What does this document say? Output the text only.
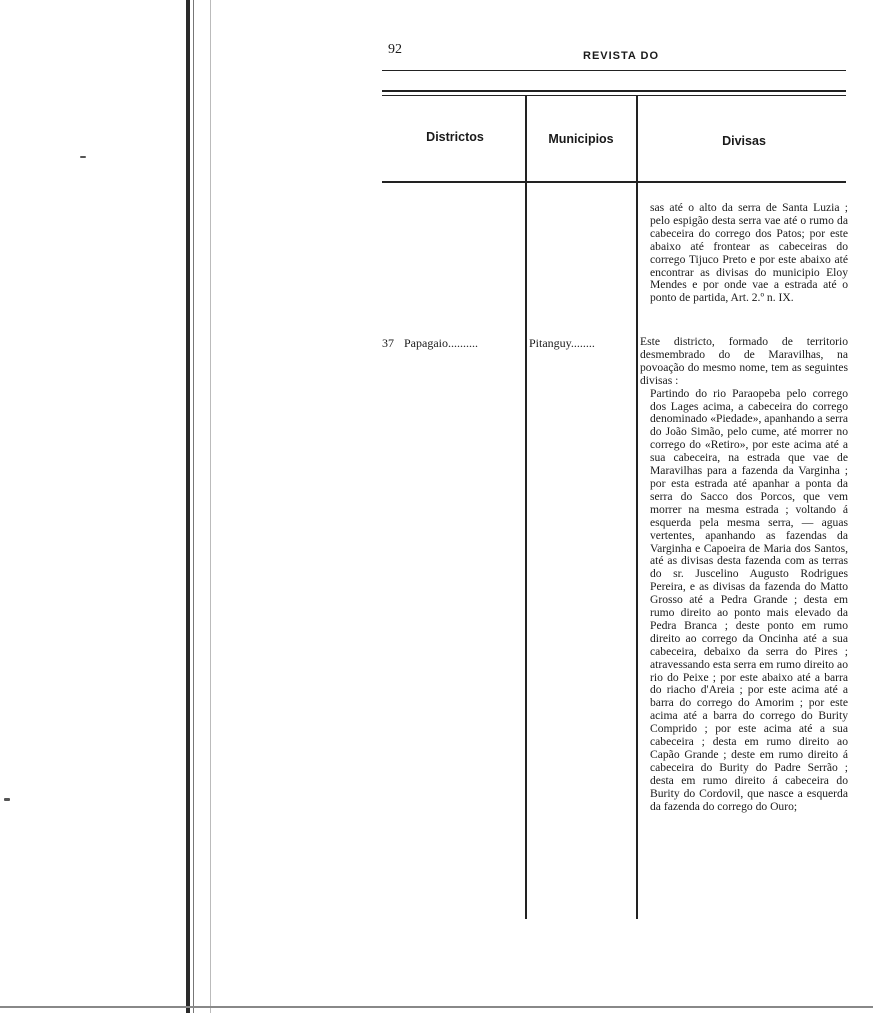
92	REVISTA DO
Districtos	Municipios	Divisas

sas até o alto da serra de Santa Luzia ; pelo espigão desta serra vae até o rumo da cabeceira do corrego dos Patos; por este abaixo até frontear as cabeceiras do corrego Tijuco Preto e por este abaixo até encontrar as divisas do municipio Eloy Mendes e por onde vae a estrada até o ponto de partida, Art. 2.º n. IX.

37 Papagaio..........	Pitanguy........	Este districto, formado de territorio desmembrado do de Maravilhas, na povoação do mesmo nome, tem as seguintes divisas :

Partindo do rio Paraopeba pelo corrego dos Lages acima, a cabeceira do corrego denominado «Piedade», apanhando a serra do João Simão, pelo cume, até morrer no corrego do «Retiro», por este acima até a sua cabeceira, na estrada que vae de Maravilhas para a fazenda da Varginha ; por esta estrada até apanhar a ponta da serra do Sacco dos Porcos, que vem morrer na mesma estrada ; voltando á esquerda pela mesma serra, — aguas vertentes, apanhando as fazendas da Varginha e Capoeira de Maria dos Santos, até as divisas desta fazenda com as terras do sr. Juscelino Augusto Rodrigues Pereira, e as divisas da fazenda do Matto Grosso até a Pedra Grande ; desta em rumo direito ao ponto mais elevado da Pedra Branca ; deste ponto em rumo direito ao corrego da Oncinha até a sua cabeceira, debaixo da serra do Pires ; atravessando esta serra em rumo direito ao rio do Peixe ; por este abaixo até a barra do riacho d'Areia ; por este acima até a barra do corrego do Amorim ; por este acima até a barra do corrego do Burity Comprido ; por este acima até a sua cabeceira ; desta em rumo direito ao Capão Grande ; deste em rumo direito á cabeceira do Burity do Padre Serrão ; desta em rumo direito á cabeceira do Burity do Cordovil, que nasce a esquerda da fazenda do corrego do Ouro;
